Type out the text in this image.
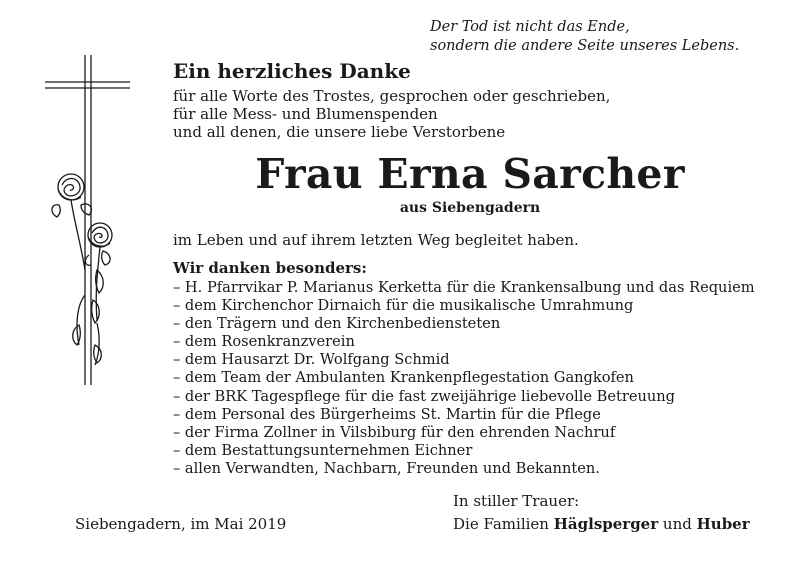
Der Tod ist nicht das Ende,
sondern die andere Seite unseres Lebens.
Ein herzliches Danke
für alle Worte des Trostes, gesprochen oder geschrieben,
für alle Mess- und Blumenspenden
und all denen, die unsere liebe Verstorbene
Frau Erna Sarcher
aus Siebengadern
im Leben und auf ihrem letzten Weg begleitet haben.
Wir danken besonders:
– H. Pfarrvikar P. Marianus Kerketta für die Krankensalbung und das Requiem
– dem Kirchenchor Dirnaich für die musikalische Umrahmung
– den Trägern und den Kirchenbediensteten
– dem Rosenkranzverein
– dem Hausarzt Dr. Wolfgang Schmid
– dem Team der Ambulanten Krankenpflegestation Gangkofen
– der BRK Tagespflege für die fast zweijährige liebevolle Betreuung
– dem Personal des Bürgerheims St. Martin für die Pflege
– der Firma Zollner in Vilsbiburg für den ehrenden Nachruf
– dem Bestattungsunternehmen Eichner
– allen Verwandten, Nachbarn, Freunden und Bekannten.
In stiller Trauer:
Siebengadern, im Mai 2019	Die Familien Häglsperger und Huber
